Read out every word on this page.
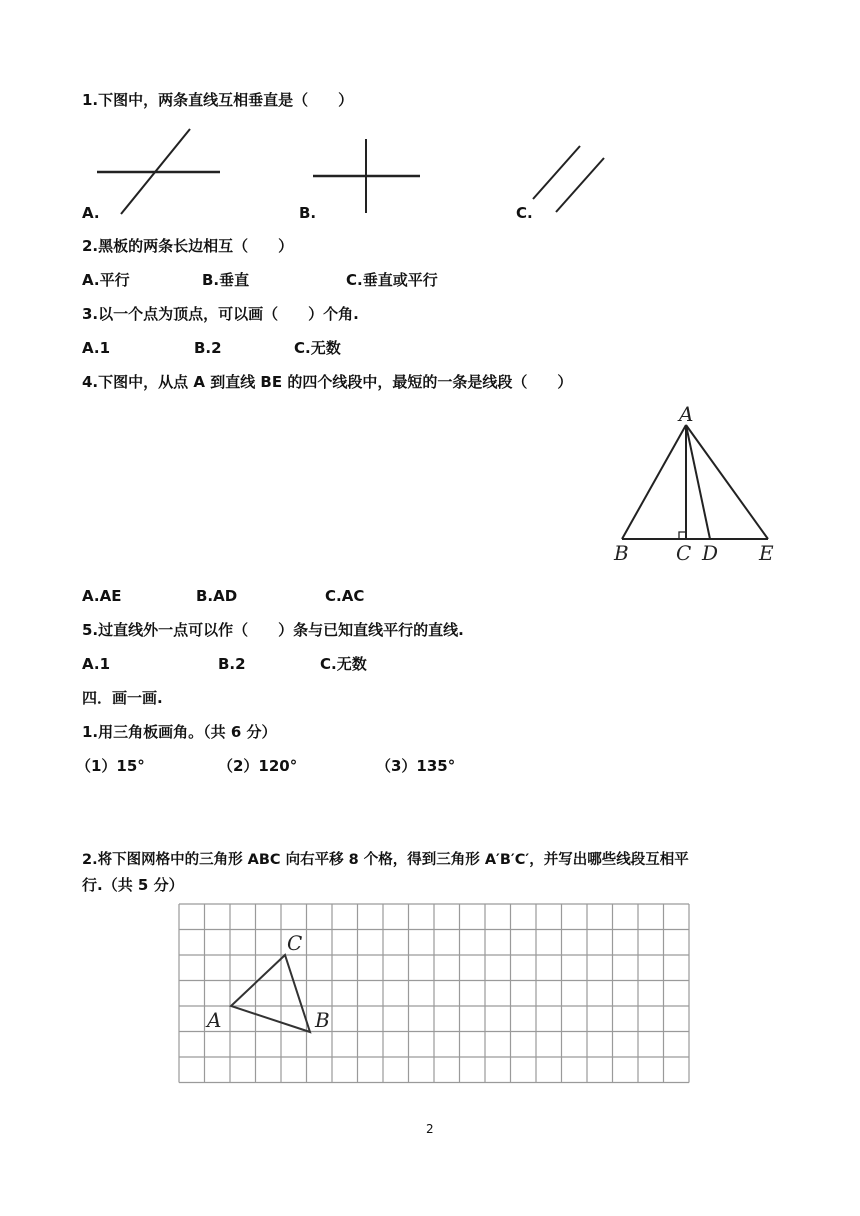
1.下图中，两条直线互相垂直是（　　）
A.	B.	C.
2.黑板的两条长边相互（　　）
A.平行	B.垂直	C.垂直或平行
3.以一个点为顶点，可以画（　　）个角.
A.1	B.2	C.无数
4.下图中，从点 A 到直线 BE 的四个线段中，最短的一条是线段（　　）
A
B C D E
A.AE	B.AD	C.AC
5.过直线外一点可以作（　　）条与已知直线平行的直线.
A.1	B.2	C.无数
四．画一画.
1.用三角板画角。（共 6 分）
（1）15°	（2）120°	（3）135°
2.将下图网格中的三角形 ABC 向右平移 8 个格，得到三角形 A′B′C′，并写出哪些线段互相平
行.（共 5 分）
A	B
C
2
